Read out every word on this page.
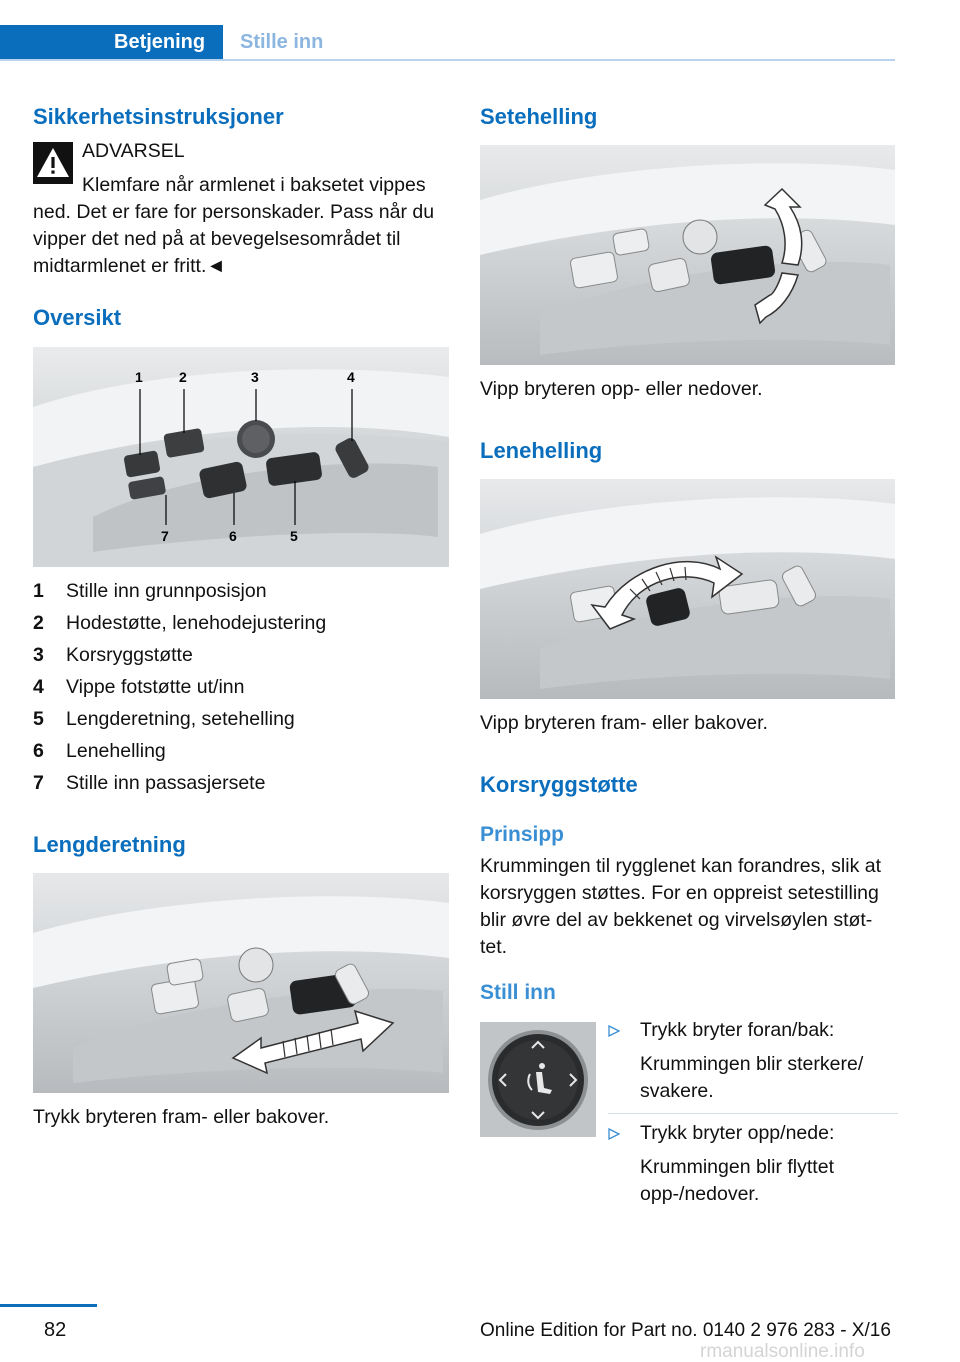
Betjening	Stille inn
Sikkerhetsinstruksjoner
ADVARSEL
Klemfare når armlenet i baksetet vippes
ned. Det er fare for personskader. Pass når du vipper det ned på at bevegelsesområdet til midtarmlenet er fritt.◄
Oversikt
1	2	3	4
7	6	5
1 Stille inn grunnposisjon
2 Hodestøtte, lenehodejustering
3 Korsryggstøtte
4 Vippe fotstøtte ut/inn
5 Lengderetning, setehelling
6 Lenehelling
7 Stille inn passasjersete
Lengderetning
Trykk bryteren fram- eller bakover.
Setehelling
Vipp bryteren opp- eller nedover.
Lenehelling
Vipp bryteren fram- eller bakover.
Korsryggstøtte
Prinsipp
Krummingen til rygglenet kan forandres, slik at korsryggen støttes. For en oppreist setestilling blir øvre del av bekkenet og virvelsøylen støt-tet.
Still inn
Trykk bryter foran/bak:
Krummingen blir sterkere/ svakere.
Trykk bryter opp/nede:
Krummingen blir flyttet opp-/nedover.
82	Online Edition for Part no. 0140 2 976 283 - X/16
rmanualsonline.info
